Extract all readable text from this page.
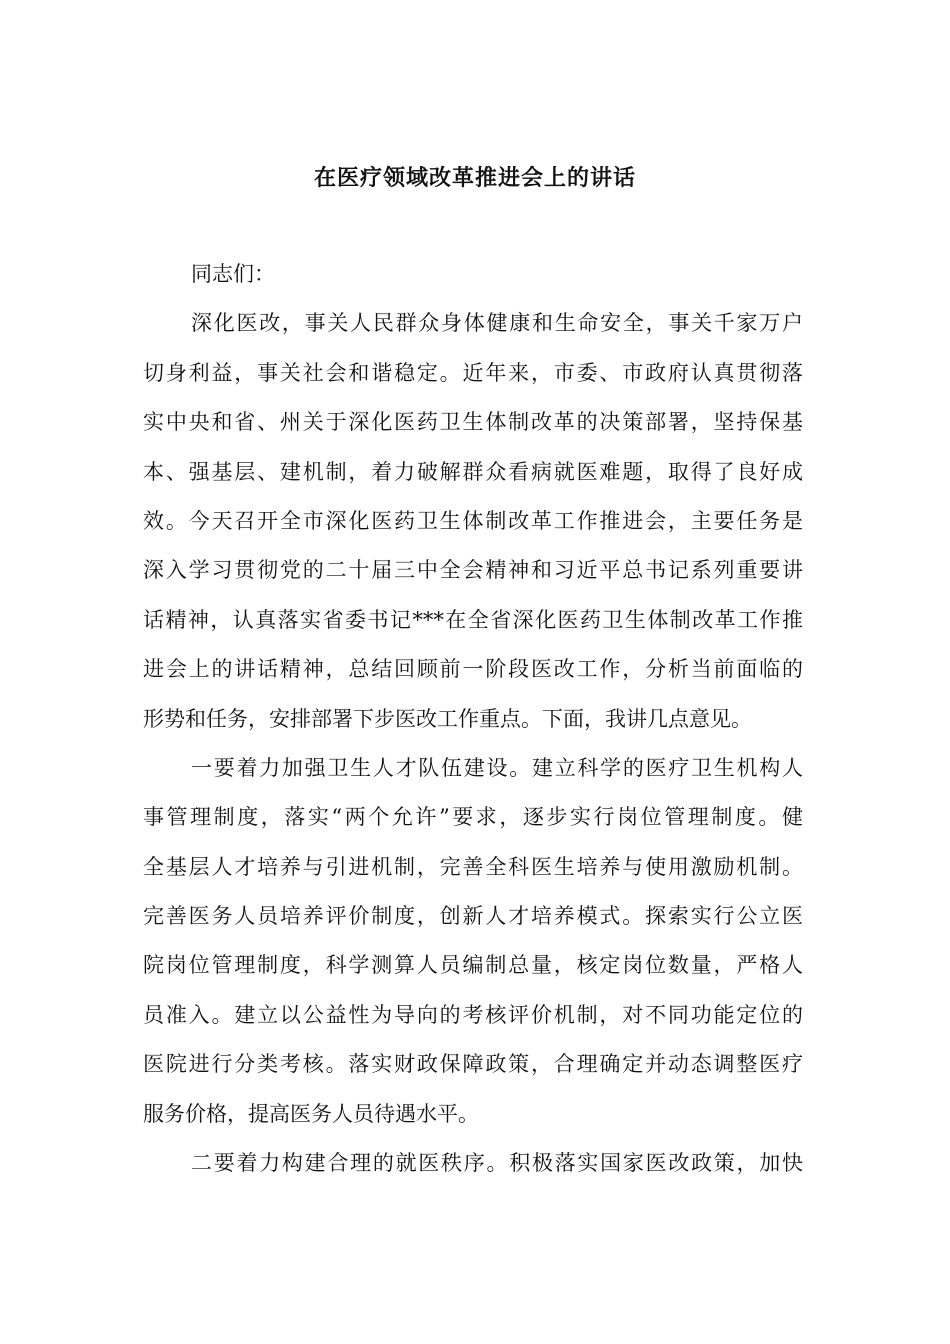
在医疗领域改革推进会上的讲话
同志们：
深化医改，事关人民群众身体健康和生命安全，事关千家万户
切身利益，事关社会和谐稳定。近年来，市委、市政府认真贯彻落
实中央和省、州关于深化医药卫生体制改革的决策部署，坚持保基
本、强基层、建机制，着力破解群众看病就医难题，取得了良好成
效。今天召开全市深化医药卫生体制改革工作推进会，主要任务是
深入学习贯彻党的二十届三中全会精神和习近平总书记系列重要讲
话精神，认真落实省委书记***在全省深化医药卫生体制改革工作推
进会上的讲话精神，总结回顾前一阶段医改工作，分析当前面临的
形势和任务，安排部署下步医改工作重点。下面，我讲几点意见。
一要着力加强卫生人才队伍建设。建立科学的医疗卫生机构人
事管理制度，落实“两个允许”要求，逐步实行岗位管理制度。健
全基层人才培养与引进机制，完善全科医生培养与使用激励机制。
完善医务人员培养评价制度，创新人才培养模式。探索实行公立医
院岗位管理制度，科学测算人员编制总量，核定岗位数量，严格人
员准入。建立以公益性为导向的考核评价机制，对不同功能定位的
医院进行分类考核。落实财政保障政策，合理确定并动态调整医疗
服务价格，提高医务人员待遇水平。
二要着力构建合理的就医秩序。积极落实国家医改政策，加快
